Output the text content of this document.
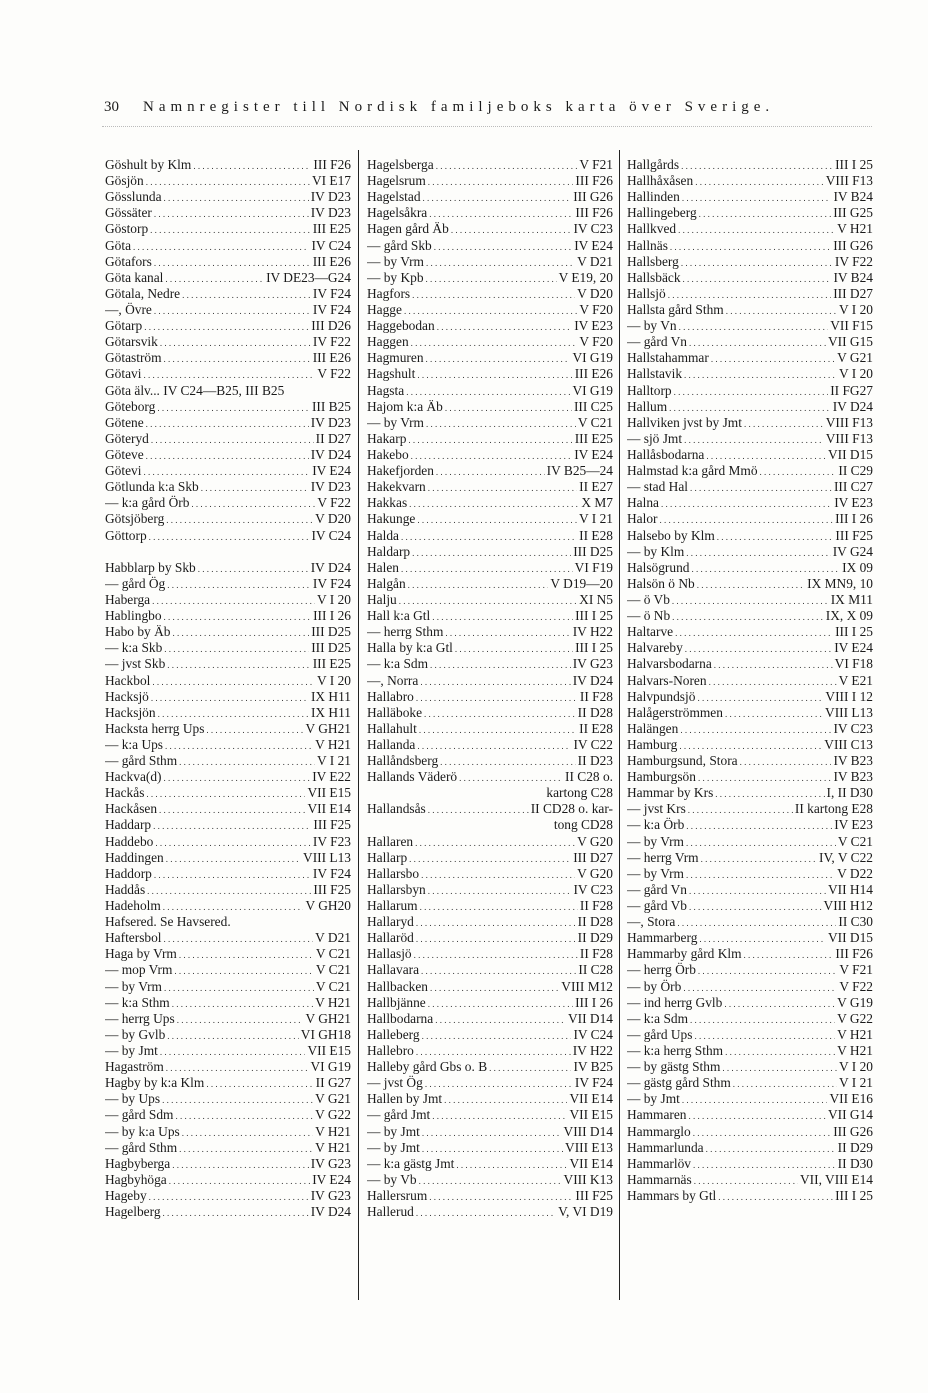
30 Namnregister till Nordisk familjeboks karta över Sverige.
Göshult by Klm . . .	III F26
Gösjön . . .	VI E17
Gösslunda . . .	IV D23
Gössäter . . .	IV D23
Göstorp . . .	III E25
Göta . . .	IV C24
Götafors . . .	III E26
Göta kanal . . .	IV DE23—G24
Götala, Nedre . . .	IV F24
—, Övre . . .	IV F24
Götarp . . .	III D26
Götarsvik . . .	IV F22
Götaström . . .	III E26
Götavi . . .	V F22
Göta älv... IV C24—B25, III B25
Göteborg . . .	III B25
Götene . . .	IV D23
Göteryd . . .	II D27
Göteve . . .	IV D24
Götevi . . .	IV E24
Götlunda k:a Skb . . .	IV D23
— k:a gård Örb . . .	V F22
Götsjöberg . . .	V D20
Göttorp . . .	IV C24
Habblarp by Skb . . .	IV D24
— gård Ög . . .	IV F24
Haberga . . .	V I 20
Hablingbo . . .	III I 26
Habo by Äb . . .	III D25
— k:a Skb . . .	III D25
— jvst Skb . . .	III E25
Hackbol . . .	V I 20
Hacksjö . . .	IX H11
Hacksjön . . .	IX H11
Hacksta herrg Ups . . .	V GH21
— k:a Ups . . .	V H21
— gård Sthm . . .	V I 21
Hackva(d) . . .	IV E22
Hackås . . .	VII E15
Hackåsen . . .	VII E14
Haddarp . . .	III F25
Haddebo . . .	IV F23
Haddingen . . .	VIII L13
Haddorp . . .	IV F24
Haddås . . .	III F25
Hadeholm . . .	V GH20
Hafsered. Se Havsered.
Haftersbol . . .	V D21
Haga by Vrm . . .	V C21
— mop Vrm . . .	V C21
— by Vrm . . .	V C21
— k:a Sthm . . .	V H21
— herrg Ups . . .	V GH21
— by Gvlb . . .	VI GH18
— by Jmt . . .	VII E15
Hagaström . . .	VI G19
Hagby by k:a Klm . . .	II G27
— by Ups . . .	V G21
— gård Sdm . . .	V G22
— by k:a Ups . . .	V H21
— gård Sthm . . .	V H21
Hagbyberga . . .	IV G23
Hagbyhöga . . .	IV E24
Hageby . . .	IV G23
Hagelberg . . .	IV D24
Hagelsberga . . .	V F21
Hagelsrum . . .	III F26
Hagelstad . . .	III G26
Hagelsåkra . . .	III F26
Hagen gård Äb . . .	IV C23
— gård Skb . . .	IV E24
— by Vrm . . .	V D21
— by Kpb . . .	V E19, 20
Hagfors . . .	V D20
Hagge . . .	V F20
Haggebodan . . .	IV E23
Haggen . . .	V F20
Hagmuren . . .	VI G19
Hagshult . . .	III E26
Hagsta . . .	VI G19
Hajom k:a Äb . . .	III C25
— by Vrm . . .	V C21
Hakarp . . .	III E25
Hakebo . . .	IV E24
Hakefjorden . . .	IV B25—24
Hakekvarn . . .	II E27
Hakkas . . .	X M7
Hakunge . . .	V I 21
Halda . . .	II E28
Haldarp . . .	III D25
Halen . . .	VI F19
Halgån . . .	V D19—20
Halju . . .	XI N5
Hall k:a Gtl . . .	III I 25
— herrg Sthm . . .	IV H22
Halla by k:a Gtl . . .	III I 25
— k:a Sdm . . .	IV G23
—, Norra . . .	IV D24
Hallabro . . .	II F28
Halläboke . . .	II D28
Hallahult . . .	II E28
Hallanda . . .	IV C22
Hallåndsberg . . .	II D23
Hallands Väderö . . .	II C28 o.
kartong C28
Hallandsås . . .	II CD28 o. kar-
tong CD28
Hallaren . . .	V G20
Hallarp . . .	III D27
Hallarsbo . . .	V G20
Hallarsbyn . . .	IV C23
Hallarum . . .	II F28
Hallaryd . . .	II D28
Hallaröd . . .	II D29
Hallasjö . . .	II F28
Hallavara . . .	II C28
Hallbacken . . .	VIII M12
Hallbjänne . . .	III I 26
Hallbodarna . . .	VII D14
Halleberg . . .	IV C24
Hallebro . . .	IV H22
Halleby gård Gbs o. B . . .	IV B25
— jvst Ög . . .	IV F24
Hallen by Jmt . . .	VII E14
— gård Jmt . . .	VII E15
— by Jmt . . .	VIII D14
— by Jmt . . .	VIII E13
— k:a gästg Jmt . . .	VII E14
— by Vb . . .	VIII K13
Hallersrum . . .	III F25
Hallerud . . .	V, VI D19
Hallgårds . . .	III I 25
Hallhåxåsen . . .	VIII F13
Hallinden . . .	IV B24
Hallingeberg . . .	III G25
Hallkved . . .	V H21
Hallnäs . . .	III G26
Hallsberg . . .	IV F22
Hallsbäck . . .	IV B24
Hallsjö . . .	III D27
Hallsta gård Sthm . . .	V I 20
— by Vn . . .	VII F15
— gård Vn . . .	VII G15
Hallstahammar . . .	V G21
Hallstavik . . .	V I 20
Halltorp . . .	II FG27
Hallum . . .	IV D24
Hallviken jvst by Jmt . . .	VIII F13
— sjö Jmt . . .	VIII F13
Hallåsbodarna . . .	VII D15
Halmstad k:a gård Mmö . . .	II C29
— stad Hal . . .	III C27
Halna . . .	IV E23
Halor . . .	III I 26
Halsebo by Klm . . .	III F25
— by Klm . . .	IV G24
Halsögrund . . .	IX 09
Halsön ö Nb . . .	IX MN9, 10
— ö Vb . . .	IX M11
— ö Nb . . .	IX, X 09
Haltarve . . .	III I 25
Halvareby . . .	IV E24
Halvarsbodarna . . .	VI F18
Halvars-Noren . . .	V E21
Halvpundsjö . . .	VIII I 12
Halågerströmmen . . .	VIII L13
Halängen . . .	IV C23
Hamburg . . .	VIII C13
Hamburgsund, Stora . . .	IV B23
Hamburgsön . . .	IV B23
Hammar by Krs . . .	I, II D30
— jvst Krs . . .	II kartong E28
— k:a Örb . . .	IV E23
— by Vrm . . .	V C21
— herrg Vrm . . .	IV, V C22
— by Vrm . . .	V D22
— gård Vn . . .	VII H14
— gård Vb . . .	VIII H12
—, Stora . . .	II C30
Hammarberg . . .	VII D15
Hammarby gård Klm . . .	III F26
— herrg Örb . . .	V F21
— by Örb . . .	V F22
— ind herrg Gvlb . . .	V G19
— k:a Sdm . . .	V G22
— gård Ups . . .	V H21
— k:a herrg Sthm . . .	V H21
— by gästg Sthm . . .	V I 20
— gästg gård Sthm . . .	V I 21
— by Jmt . . .	VII E16
Hammaren . . .	VII G14
Hammarglo . . .	III G26
Hammarlunda . . .	II D29
Hammarlöv . . .	II D30
Hammarnäs . . .	VII, VIII E14
Hammars by Gtl . . .	III I 25
